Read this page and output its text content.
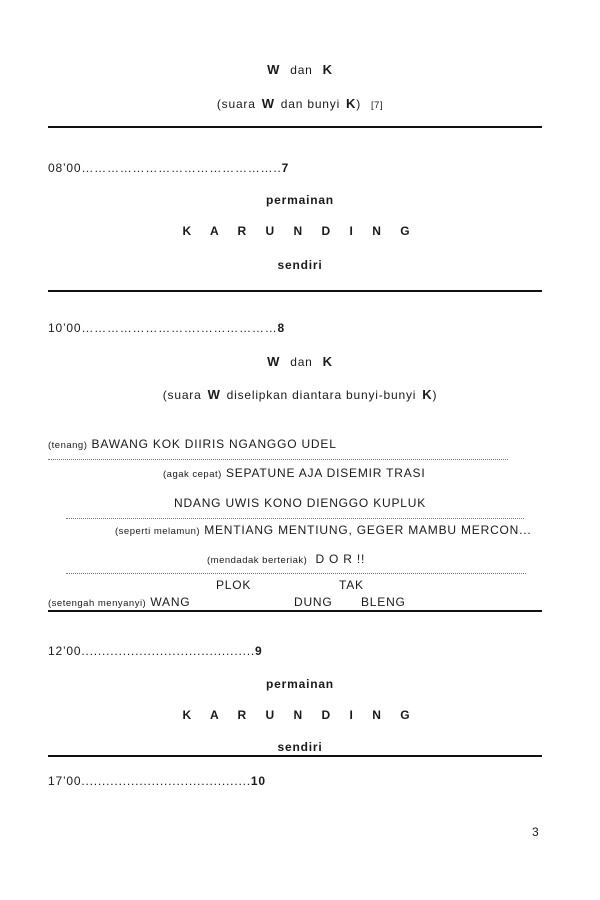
W dan K
(suara W dan bunyi K) [7]
08’00………………………………………..7
permainan
K A R U N D I N G
sendiri
10’00……………………….………………8
W dan K
(suara W diselipkan diantara bunyi-bunyi K)
(tenang) BAWANG KOK DIIRIS NGANGGO UDEL
(agak cepat) SEPATUNE AJA DISEMIR TRASI
NDANG UWIS KONO DIENGGO KUPLUK
(seperti melamun) MENTIANG MENTIUNG, GEGER MAMBU MERCON...
(mendadak berteriak) D O R !!
PLOK	TAK
(setengah menyanyi) WANG	DUNG BLENG
12’00..........................................9
permainan
K A R U N D I N G
sendiri
17’00.........................................10
3
